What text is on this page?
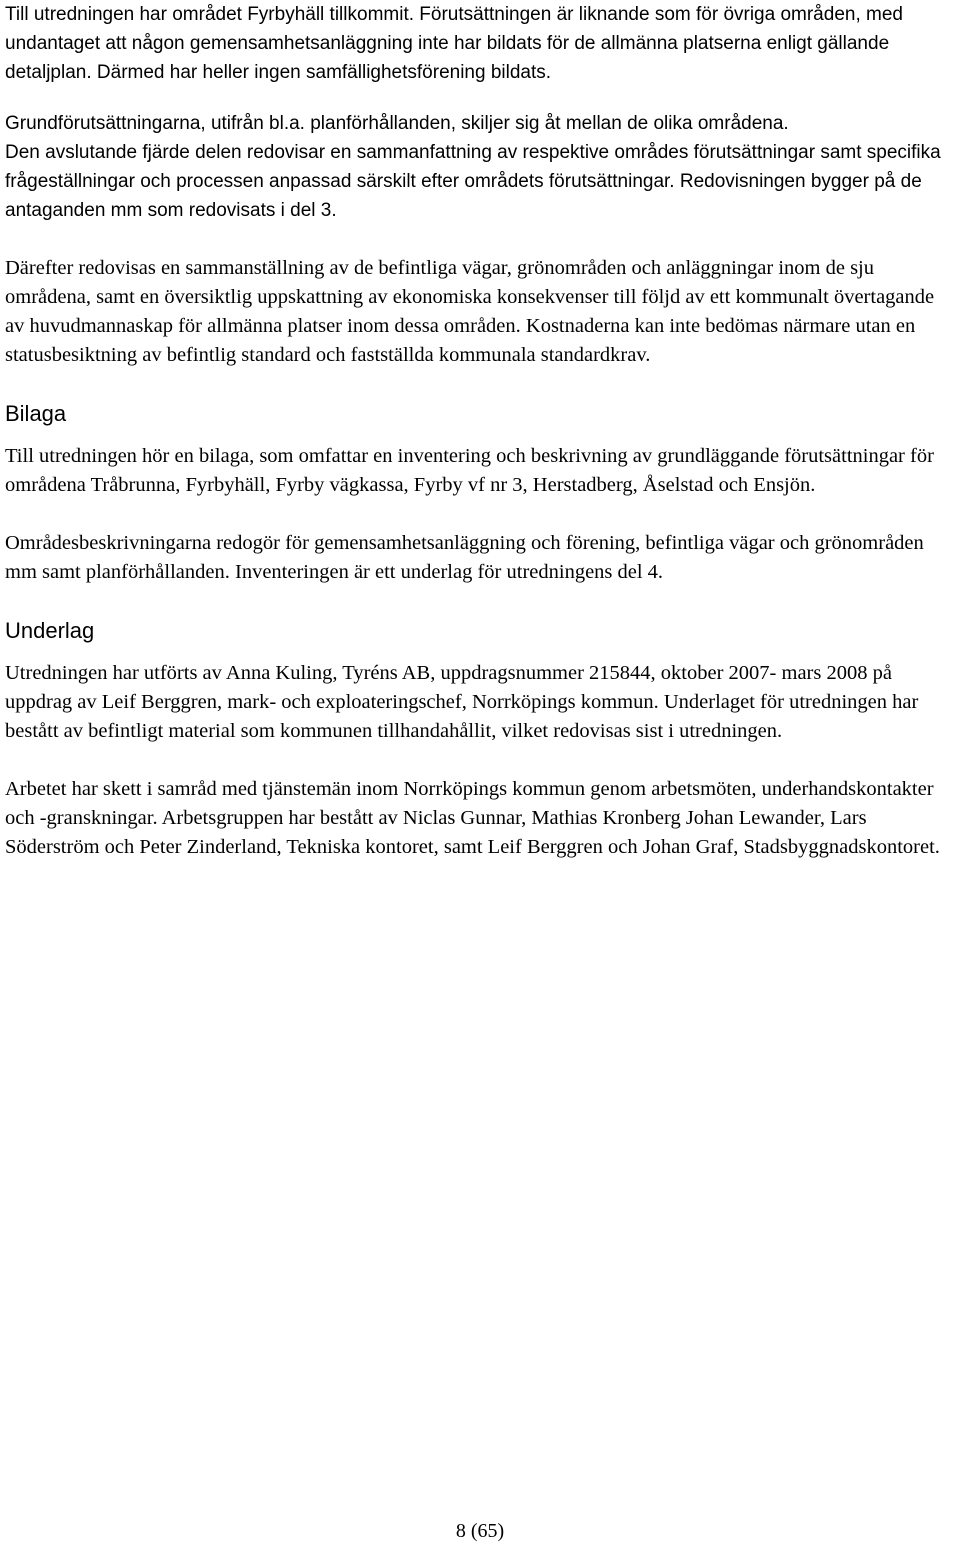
Till utredningen har området Fyrbyhäll tillkommit. Förutsättningen är liknande som för övriga områden, med undantaget att någon gemensamhetsanläggning inte har bildats för de allmänna platserna enligt gällande detaljplan. Därmed har heller ingen samfällighetsförening bildats.

Grundförutsättningarna, utifrån bl.a. planförhållanden, skiljer sig åt mellan de olika områdena.

Den avslutande fjärde delen redovisar en sammanfattning av respektive områdes förutsättningar samt specifika frågeställningar och processen anpassad särskilt efter områdets förutsättningar. Redovisningen bygger på de antaganden mm som redovisats i del 3.

Därefter redovisas en sammanställning av de befintliga vägar, grönområden och anläggningar inom de sju områdena, samt en översiktlig uppskattning av ekonomiska konsekvenser till följd av ett kommunalt övertagande av huvudmannaskap för allmänna platser inom dessa områden. Kostnaderna kan inte bedömas närmare utan en statusbesiktning av befintlig standard och fastställda kommunala standardkrav.

Bilaga

Till utredningen hör en bilaga, som omfattar en inventering och beskrivning av grundläggande förutsättningar för områdena Tråbrunna, Fyrbyhäll, Fyrby vägkassa, Fyrby vf nr 3, Herstadberg, Åselstad och Ensjön.

Områdesbeskrivningarna redogör för gemensamhetsanläggning och förening, befintliga vägar och grönområden mm samt planförhållanden. Inventeringen är ett underlag för utredningens del 4.

Underlag

Utredningen har utförts av Anna Kuling, Tyréns AB, uppdragsnummer 215844, oktober 2007- mars 2008 på uppdrag av Leif Berggren, mark- och exploateringschef, Norrköpings kommun. Underlaget för utredningen har bestått av befintligt material som kommunen tillhandahållit, vilket redovisas sist i utredningen.

Arbetet har skett i samråd med tjänstemän inom Norrköpings kommun genom arbetsmöten, underhandskontakter och -granskningar. Arbetsgruppen har bestått av Niclas Gunnar, Mathias Kronberg Johan Lewander, Lars Söderström och Peter Zinderland, Tekniska kontoret, samt Leif Berggren och Johan Graf, Stadsbyggnadskontoret.

8 (65)
